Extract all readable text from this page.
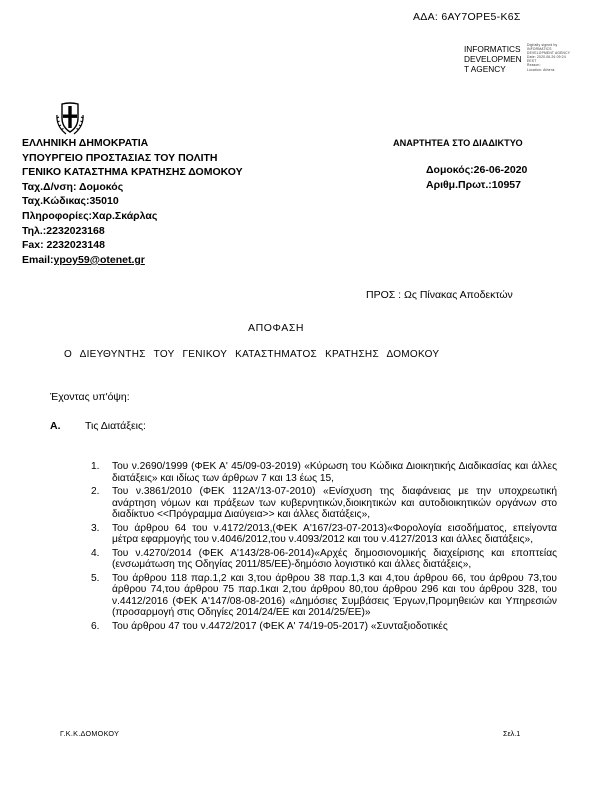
ΑΔΑ: 6ΑΥ7ΟΡΕ5-Κ6Σ
INFORMATICS
DEVELOPMEN
T AGENCY
Digitally signed by
INFORMATICS
DEVELOPMENT AGENCY
Date: 2020.06.26 09:24
EEST
Reason:
Location: Athens
ΕΛΛΗΝΙΚΗ ΔΗΜΟΚΡΑΤΙΑ
ΥΠΟΥΡΓΕΙΟ ΠΡΟΣΤΑΣΙΑΣ ΤΟΥ ΠΟΛΙΤΗ
ΓΕΝΙΚΟ ΚΑΤΑΣΤΗΜΑ ΚΡΑΤΗΣΗΣ ΔΟΜΟΚΟΥ
Ταχ.Δ/νση: Δομοκός
Ταχ.Κώδικας:35010
Πληροφορίες:Χαρ.Σκάρλας
Τηλ.:2232023168
Fax: 2232023148
Email:ypoy59@otenet.gr
ΑΝΑΡΤΗΤΕΑ ΣΤΟ ΔΙΑΔΙΚΤΥΟ
Δομοκός:26-06-2020
Αριθμ.Πρωτ.:10957
ΠΡΟΣ : Ως Πίνακας Αποδεκτών
ΑΠΟΦΑΣΗ
Ο ΔΙΕΥΘΥΝΤΗΣ ΤΟΥ ΓΕΝΙΚΟΥ ΚΑΤΑΣΤΗΜΑΤΟΣ ΚΡΑΤΗΣΗΣ ΔΟΜΟΚΟΥ
Έχοντας υπ'όψη:
Α. Τις Διατάξεις:
1. Του ν.2690/1999 (ΦΕΚ Α' 45/09-03-2019) «Κύρωση του Κώδικα Διοικητικής Διαδικασίας και άλλες διατάξεις» και ιδίως των άρθρων 7 και 13 έως 15,
2. Του ν.3861/2010 (ΦΕΚ 112Α'/13-07-2010) «Ενίσχυση της διαφάνειας με την υποχρεωτική ανάρτηση νόμων και πράξεων των κυβερνητικών,διοικητικών και αυτοδιοικητικών οργάνων στο διαδίκτυο <<Πρόγραμμα Διαύγεια>> και άλλες διατάξεις»,
3. Του άρθρου 64 του ν.4172/2013,(ΦΕΚ Α'167/23-07-2013)«Φορολογία εισοδήματος, επείγοντα μέτρα εφαρμογής του ν.4046/2012,του ν.4093/2012 και του ν.4127/2013 και άλλες διατάξεις»,
4. Του ν.4270/2014 (ΦΕΚ Α'143/28-06-2014)«Αρχές δημοσιονομικής διαχείρισης και εποπτείας (ενσωμάτωση της Οδηγίας 2011/85/ΕΕ)-δημόσιο λογιστικό και άλλες διατάξεις»,
5. Του άρθρου 118 παρ.1,2 και 3,του άρθρου 38 παρ.1,3 και 4,του άρθρου 66, του άρθρου 73,του άρθρου 74,του άρθρου 75 παρ.1και 2,του άρθρου 80,του άρθρου 296 και του άρθρου 328, του ν.4412/2016 (ΦΕΚ Α'147/08-08-2016) «Δημόσιες Συμβάσεις Έργων,Προμηθειών και Υπηρεσιών (προσαρμογή στις Οδηγίες 2014/24/ΕΕ και 2014/25/ΕΕ)»
6. Του άρθρου 47 του ν.4472/2017 (ΦΕΚ Α' 74/19-05-2017) «Συνταξιοδοτικές
Γ.Κ.Κ.ΔΟΜΟΚΟΥ	Σελ.1
